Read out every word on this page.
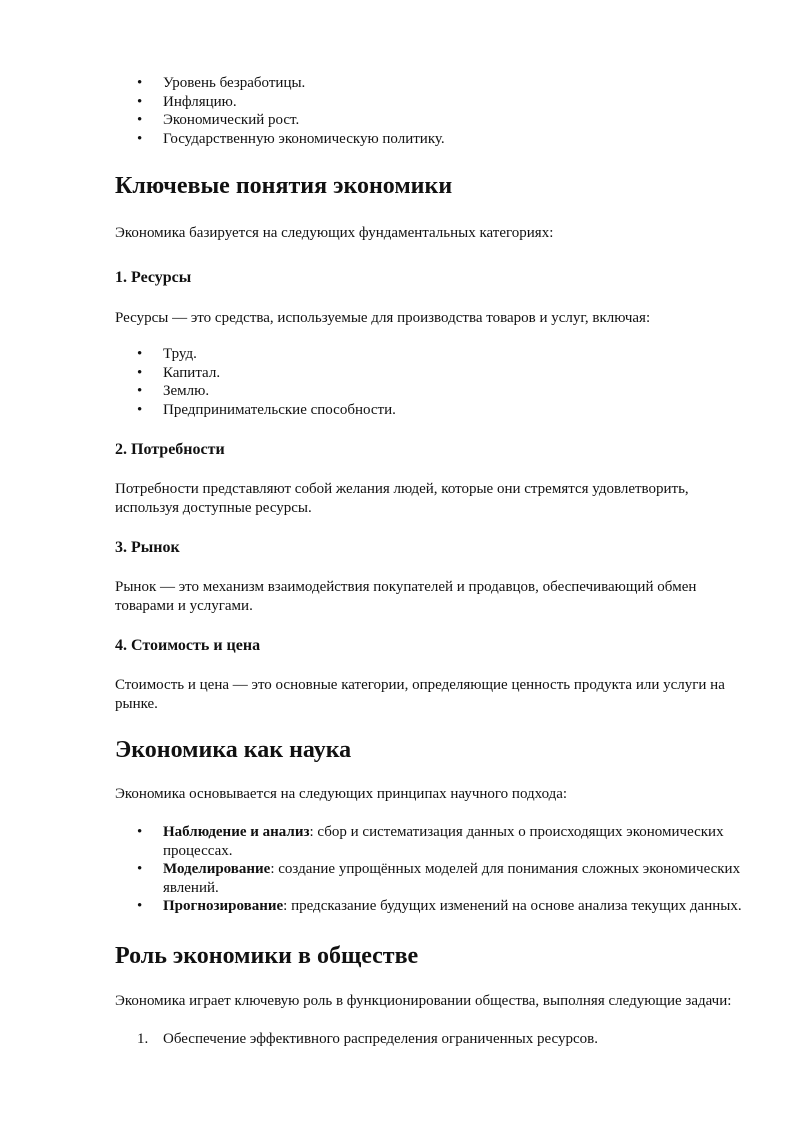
• Уровень безработицы.
• Инфляцию.
• Экономический рост.
• Государственную экономическую политику.
Ключевые понятия экономики

Экономика базируется на следующих фундаментальных категориях:

1. Ресурсы

Ресурсы — это средства, используемые для производства товаров и услуг, включая:

• Труд.
• Капитал.
• Землю.
• Предпринимательские способности.
2. Потребности

Потребности представляют собой желания людей, которые они стремятся удовлетворить, используя доступные ресурсы.

3. Рынок

Рынок — это механизм взаимодействия покупателей и продавцов, обеспечивающий обмен товарами и услугами.

4. Стоимость и цена

Стоимость и цена — это основные категории, определяющие ценность продукта или услуги на рынке.

Экономика как наука

Экономика основывается на следующих принципах научного подхода:

• Наблюдение и анализ: сбор и систематизация данных о происходящих экономических процессах.
• Моделирование: создание упрощённых моделей для понимания сложных экономических явлений.
• Прогнозирование: предсказание будущих изменений на основе анализа текущих данных.
Роль экономики в обществе

Экономика играет ключевую роль в функционировании общества, выполняя следующие задачи:

1. Обеспечение эффективного распределения ограниченных ресурсов.
